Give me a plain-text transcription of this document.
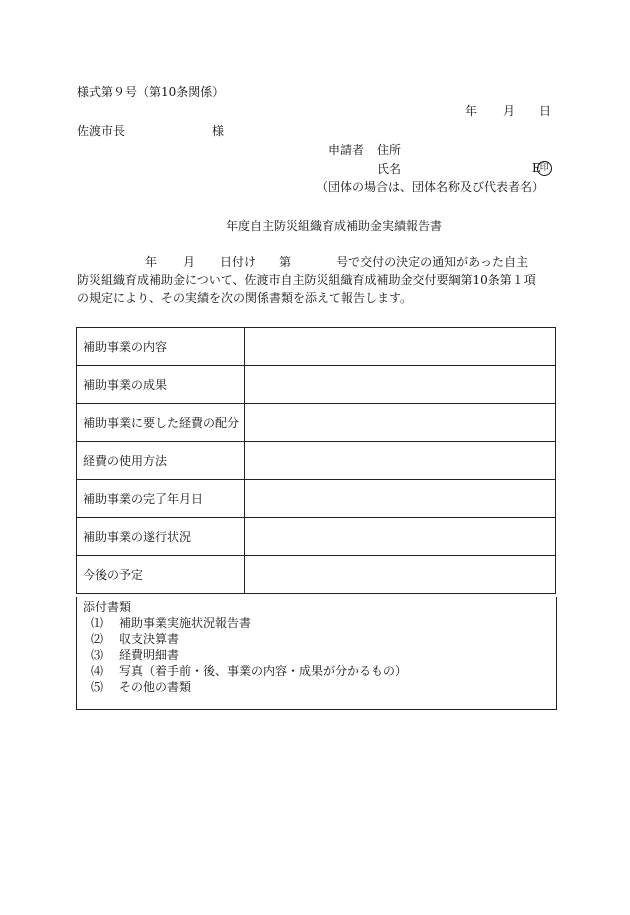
様式第９号（第10条関係）
年 月 日
佐渡市長	様
申請者 住所
氏名	E印
（団体の場合は、団体名称及び代表者名）
年度自主防災組織育成補助金実績報告書
年 月 日付け 第	号で交付の決定の通知があった自主
防災組織育成補助金について、佐渡市自主防災組織育成補助金交付要綱第10条第１項
の規定により、その実績を次の関係書類を添えて報告します。
補助事業の内容	
補助事業の成果	
補助事業に要した経費の配分	
経費の使用方法	
補助事業の完了年月日	
補助事業の遂行状況	
今後の予定	
添付書類
⑴ 補助事業実施状況報告書
⑵ 収支決算書
⑶ 経費明細書
⑷ 写真（着手前・後、事業の内容・成果が分かるもの）
⑸ その他の書類
